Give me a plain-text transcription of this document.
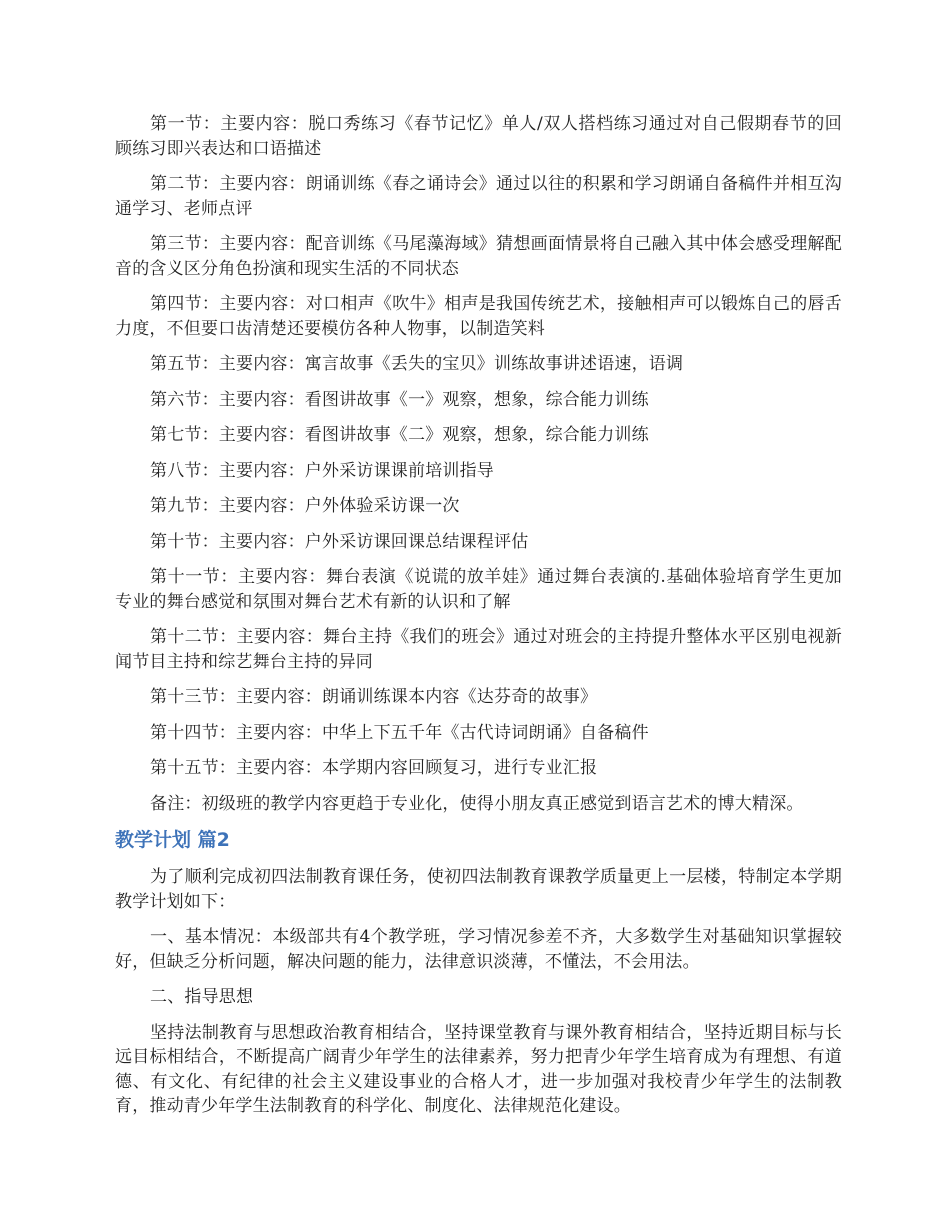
第一节：主要内容：脱口秀练习《春节记忆》单人/双人搭档练习通过对自己假期春节的回顾练习即兴表达和口语描述

第二节：主要内容：朗诵训练《春之诵诗会》通过以往的积累和学习朗诵自备稿件并相互沟通学习、老师点评

第三节：主要内容：配音训练《马尾藻海域》猜想画面情景将自己融入其中体会感受理解配音的含义区分角色扮演和现实生活的不同状态

第四节：主要内容：对口相声《吹牛》相声是我国传统艺术，接触相声可以锻炼自己的唇舌力度，不但要口齿清楚还要模仿各种人物事，以制造笑料

第五节：主要内容：寓言故事《丢失的宝贝》训练故事讲述语速，语调

第六节：主要内容：看图讲故事《一》观察，想象，综合能力训练

第七节：主要内容：看图讲故事《二》观察，想象，综合能力训练

第八节：主要内容：户外采访课课前培训指导

第九节：主要内容：户外体验采访课一次

第十节：主要内容：户外采访课回课总结课程评估

第十一节：主要内容：舞台表演《说谎的放羊娃》通过舞台表演的.基础体验培育学生更加专业的舞台感觉和氛围对舞台艺术有新的认识和了解

第十二节：主要内容：舞台主持《我们的班会》通过对班会的主持提升整体水平区别电视新闻节目主持和综艺舞台主持的异同

第十三节：主要内容：朗诵训练课本内容《达芬奇的故事》

第十四节：主要内容：中华上下五千年《古代诗词朗诵》自备稿件

第十五节：主要内容：本学期内容回顾复习，进行专业汇报

备注：初级班的教学内容更趋于专业化，使得小朋友真正感觉到语言艺术的博大精深。

教学计划 篇2

为了顺利完成初四法制教育课任务，使初四法制教育课教学质量更上一层楼，特制定本学期教学计划如下：

一、基本情况：本级部共有4个教学班，学习情况参差不齐，大多数学生对基础知识掌握较好，但缺乏分析问题，解决问题的能力，法律意识淡薄，不懂法，不会用法。

二、指导思想

坚持法制教育与思想政治教育相结合，坚持课堂教育与课外教育相结合，坚持近期目标与长远目标相结合，不断提高广阔青少年学生的法律素养，努力把青少年学生培育成为有理想、有道德、有文化、有纪律的社会主义建设事业的合格人才，进一步加强对我校青少年学生的法制教育，推动青少年学生法制教育的科学化、制度化、法律规范化建设。
